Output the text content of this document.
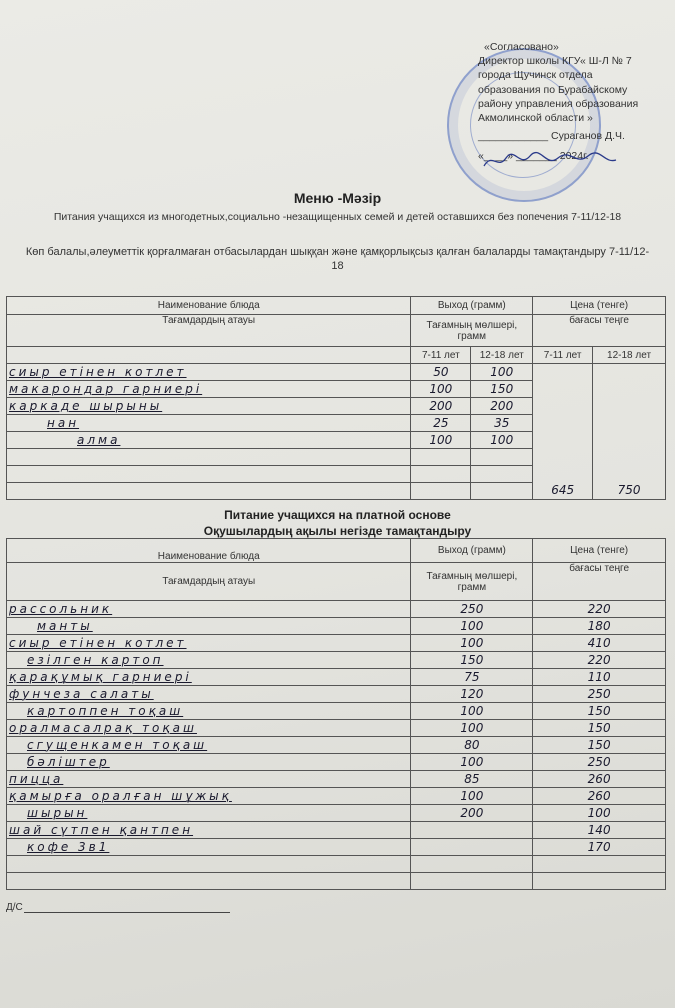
«Согласовано»
Директор школы КГУ« Ш-Л № 7
города Щучинск отдела
образования по Бурабайскому
району управления образования
Акмолинской области »
____________ Сураганов Д.Ч.
«____» _______ 2024г.
Меню -Мәзір
Питания учащихся из многодетных,социально -незащищенных семей и детей оставшихся без попечения 7-11/12-18
Көп балалы,әлеуметтік қорғалмаған отбасылардан шыққан және қамқорлықсыз қалған балаларды тамақтандыру 7-11/12-18
Наименование блюда	Выход (грамм)		Цена (тенге)	
Тағамдардың атауы	Тағамның мөлшері, грамм		бағасы теңге	
	7-11 лет	12-18 лет	7-11 лет	12-18 лет
сиыр етінен котлет	50	100	645	750
макарондар гарниері	100	150		
каркаде шырыны	200	200		
нан	25	35		
алма	100	100		

Питание учащихся на платной основе
Оқушылардың ақылы негізде тамақтандыру
Наименование блюда	Выход (грамм)	Цена (тенге)
Тағамдардың атауы	Тағамның мөлшері, грамм	бағасы теңге
рассольник	250	220
манты	100	180
сиыр етінен котлет	100	410
езілген картоп	150	220
қарақұмық гарниері	75	110
фунчеза салаты	120	250
картоппен тоқаш	100	150
оралмасалрақ тоқаш	100	150
сгущенкамен тоқаш	80	150
бәліштер	100	250
пицца	85	260
қамырға оралған шұжық	100	260
шырын	200	100
шай сүтпен қантпен		140
кофе 3в1		170

Д/С
